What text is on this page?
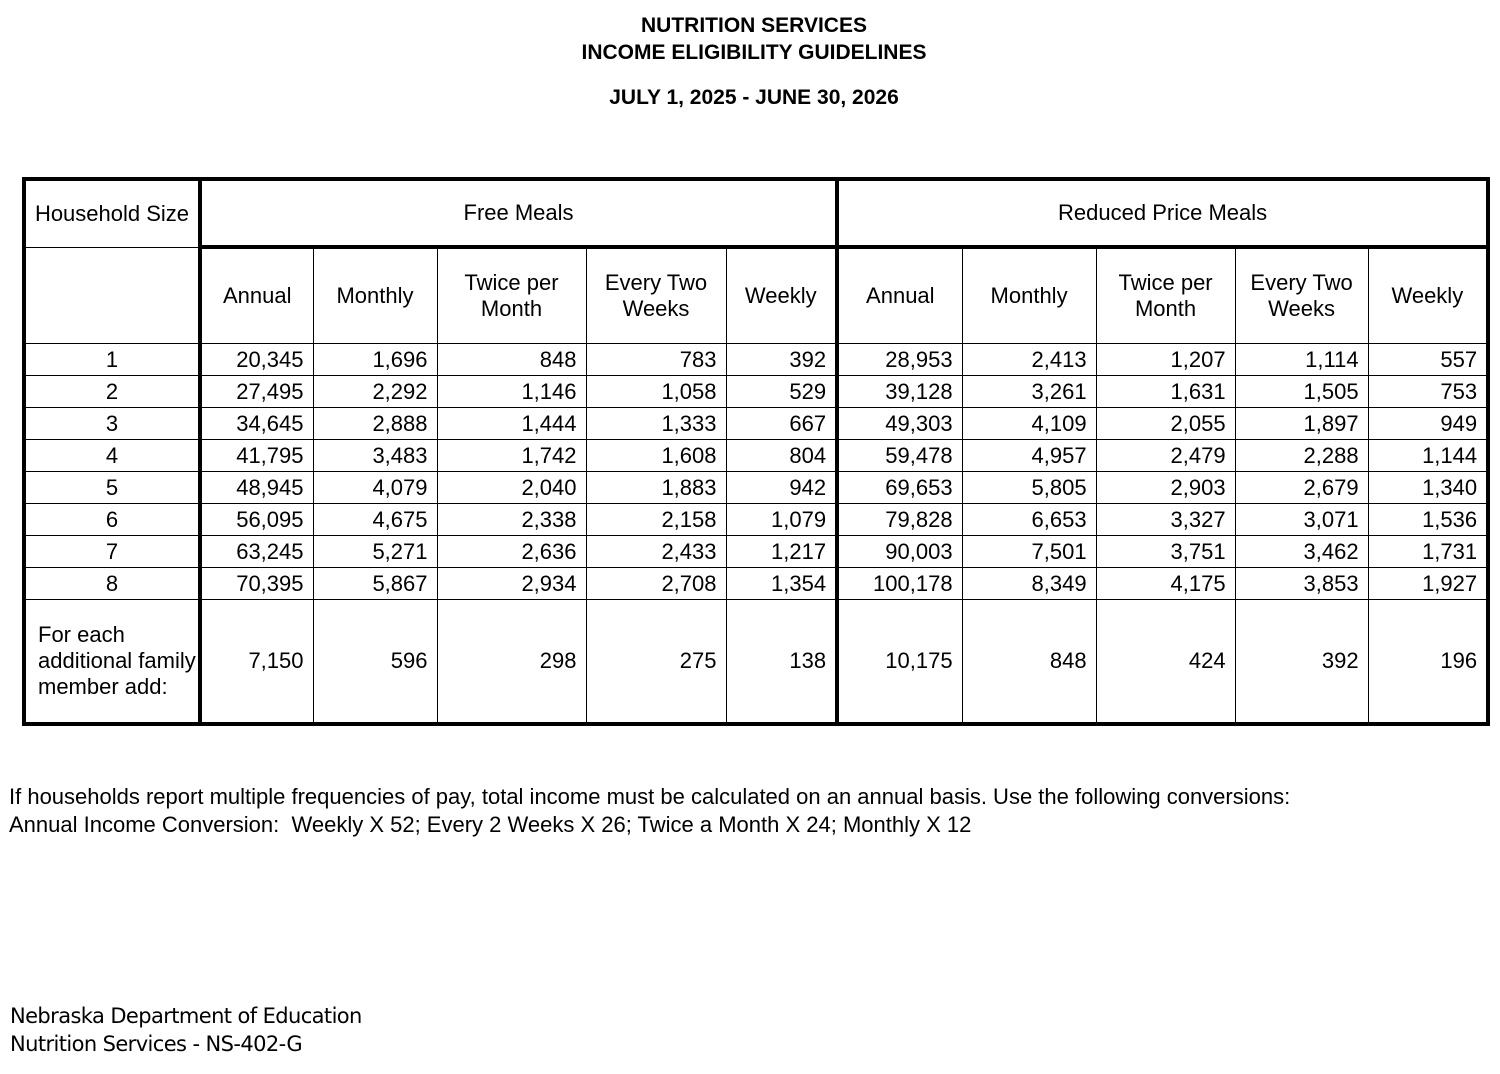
NUTRITION SERVICES
INCOME ELIGIBILITY GUIDELINES
JULY 1, 2025 - JUNE 30, 2026
Household Size	Free Meals					Reduced Price Meals				
	Annual	Monthly	Twice per Month	Every Two Weeks	Weekly	Annual	Monthly	Twice per Month	Every Two Weeks	Weekly
1	20,345	1,696	848	783	392	28,953	2,413	1,207	1,114	557
2	27,495	2,292	1,146	1,058	529	39,128	3,261	1,631	1,505	753
3	34,645	2,888	1,444	1,333	667	49,303	4,109	2,055	1,897	949
4	41,795	3,483	1,742	1,608	804	59,478	4,957	2,479	2,288	1,144
5	48,945	4,079	2,040	1,883	942	69,653	5,805	2,903	2,679	1,340
6	56,095	4,675	2,338	2,158	1,079	79,828	6,653	3,327	3,071	1,536
7	63,245	5,271	2,636	2,433	1,217	90,003	7,501	3,751	3,462	1,731
8	70,395	5,867	2,934	2,708	1,354	100,178	8,349	4,175	3,853	1,927
For each additional family member add:	7,150	596	298	275	138	10,175	848	424	392	196
If households report multiple frequencies of pay, total income must be calculated on an annual basis. Use the following conversions:
Annual Income Conversion:  Weekly X 52; Every 2 Weeks X 26; Twice a Month X 24; Monthly X 12
Nebraska Department of Education
Nutrition Services - NS-402-G
